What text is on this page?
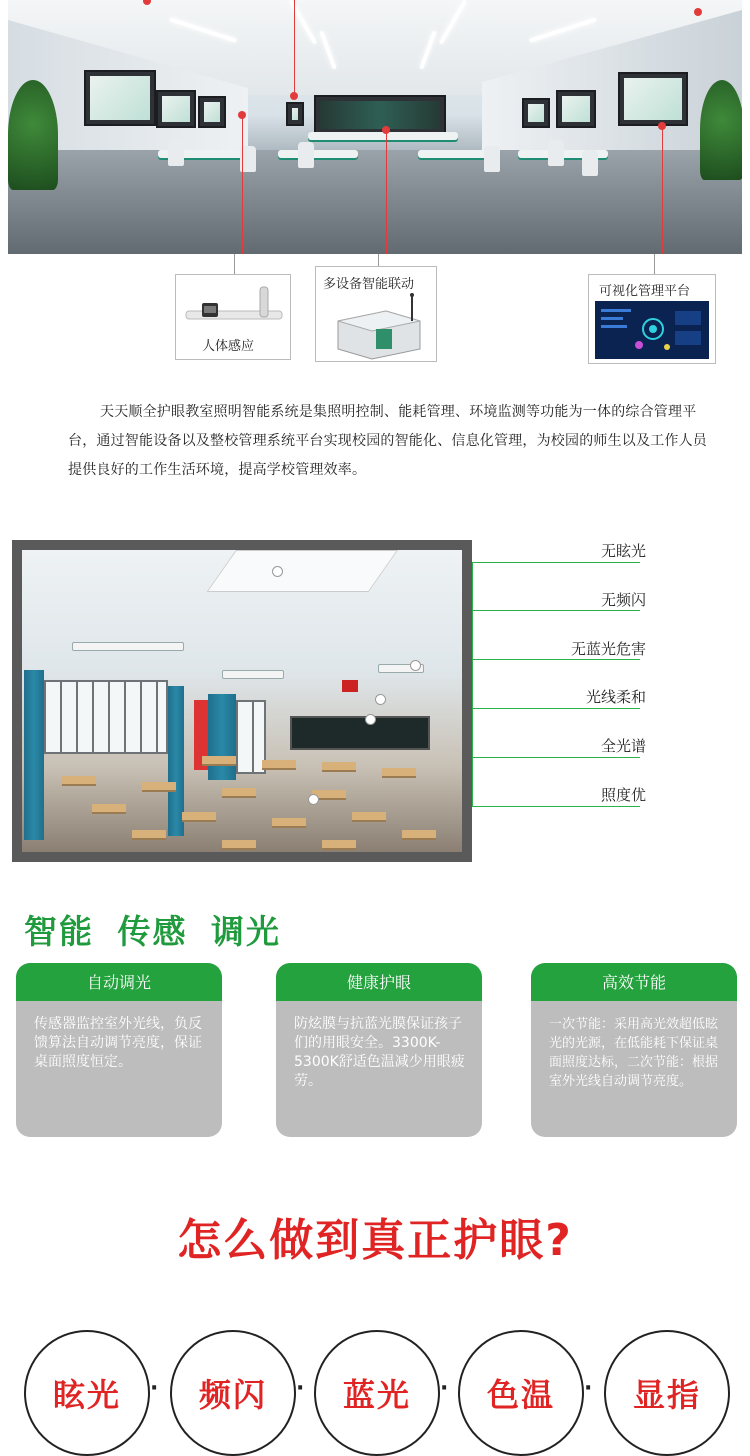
人体感应
多设备智能联动	可视化管理平台
天天顺全护眼教室照明智能系统是集照明控制、能耗管理、环境监测等功能为一体的综合管理平台，通过智能设备以及整校管理系统平台实现校园的智能化、信息化管理，为校园的师生以及工作人员提供良好的工作生活环境，提高学校管理效率。
无眩光
无频闪
无蓝光危害
光线柔和
全光谱
照度优
智能 传感 调光
自动调光
传感器监控室外光线，负反馈算法自动调节亮度，保证桌面照度恒定。
健康护眼
防炫膜与抗蓝光膜保证孩子们的用眼安全。3300K-5300K舒适色温减少用眼疲劳。
高效节能
一次节能：采用高光效超低眩光的光源，在低能耗下保证桌面照度达标，二次节能：根据室外光线自动调节亮度。
怎么做到真正护眼?
眩光	·	频闪	·	蓝光	·	色温	·	显指
